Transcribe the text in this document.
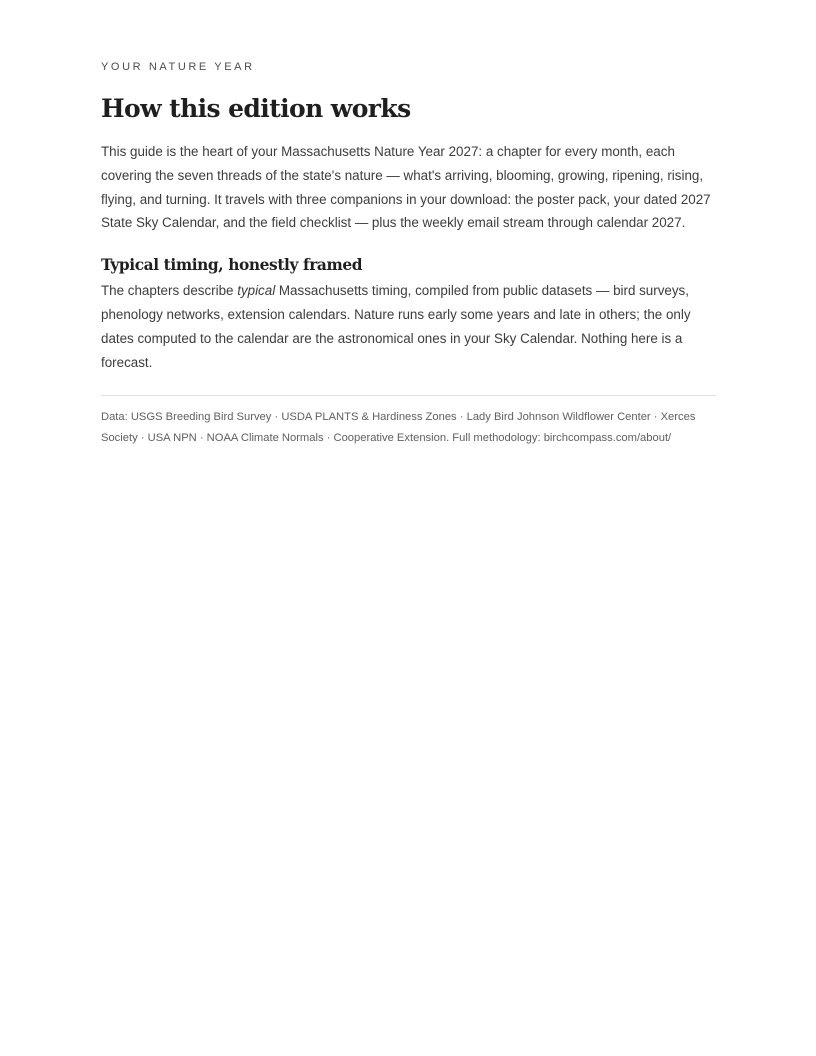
YOUR NATURE YEAR

How this edition works

This guide is the heart of your Massachusetts Nature Year 2027: a chapter for every month, each covering the seven threads of the state's nature — what's arriving, blooming, growing, ripening, rising, flying, and turning. It travels with three companions in your download: the poster pack, your dated 2027 State Sky Calendar, and the field checklist — plus the weekly email stream through calendar 2027.

Typical timing, honestly framed

The chapters describe typical Massachusetts timing, compiled from public datasets — bird surveys, phenology networks, extension calendars. Nature runs early some years and late in others; the only dates computed to the calendar are the astronomical ones in your Sky Calendar. Nothing here is a forecast.

Data: USGS Breeding Bird Survey · USDA PLANTS & Hardiness Zones · Lady Bird Johnson Wildflower Center · Xerces Society · USA NPN · NOAA Climate Normals · Cooperative Extension. Full methodology: birchcompass.com/about/
